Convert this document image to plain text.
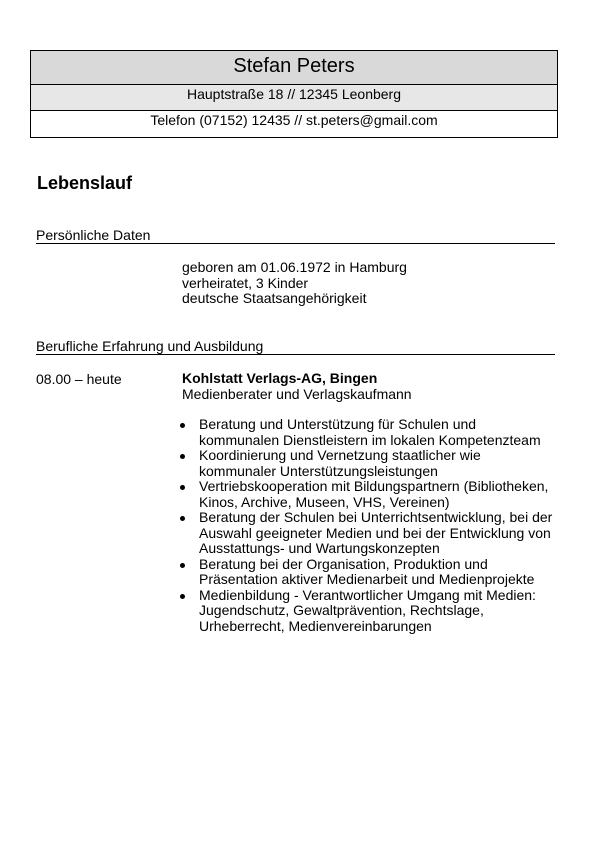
Stefan Peters
Hauptstraße 18 // 12345 Leonberg
Telefon (07152) 12435 // st.peters@gmail.com
Lebenslauf
Persönliche Daten
geboren am 01.06.1972 in Hamburg
verheiratet, 3 Kinder
deutsche Staatsangehörigkeit
Berufliche Erfahrung und Ausbildung
08.00 – heute	Kohlstatt Verlags-AG, Bingen
Medienberater und Verlagskaufmann
Beratung und Unterstützung für Schulen und
kommunalen Dienstleistern im lokalen Kompetenzteam
Koordinierung und Vernetzung staatlicher wie
kommunaler Unterstützungsleistungen
Vertriebskooperation mit Bildungspartnern (Bibliotheken,
Kinos, Archive, Museen, VHS, Vereinen)
Beratung der Schulen bei Unterrichtsentwicklung, bei der
Auswahl geeigneter Medien und bei der Entwicklung von
Ausstattungs- und Wartungskonzepten
Beratung bei der Organisation, Produktion und
Präsentation aktiver Medienarbeit und Medienprojekte
Medienbildung - Verantwortlicher Umgang mit Medien:
Jugendschutz, Gewaltprävention, Rechtslage,
Urheberrecht, Medienvereinbarungen
